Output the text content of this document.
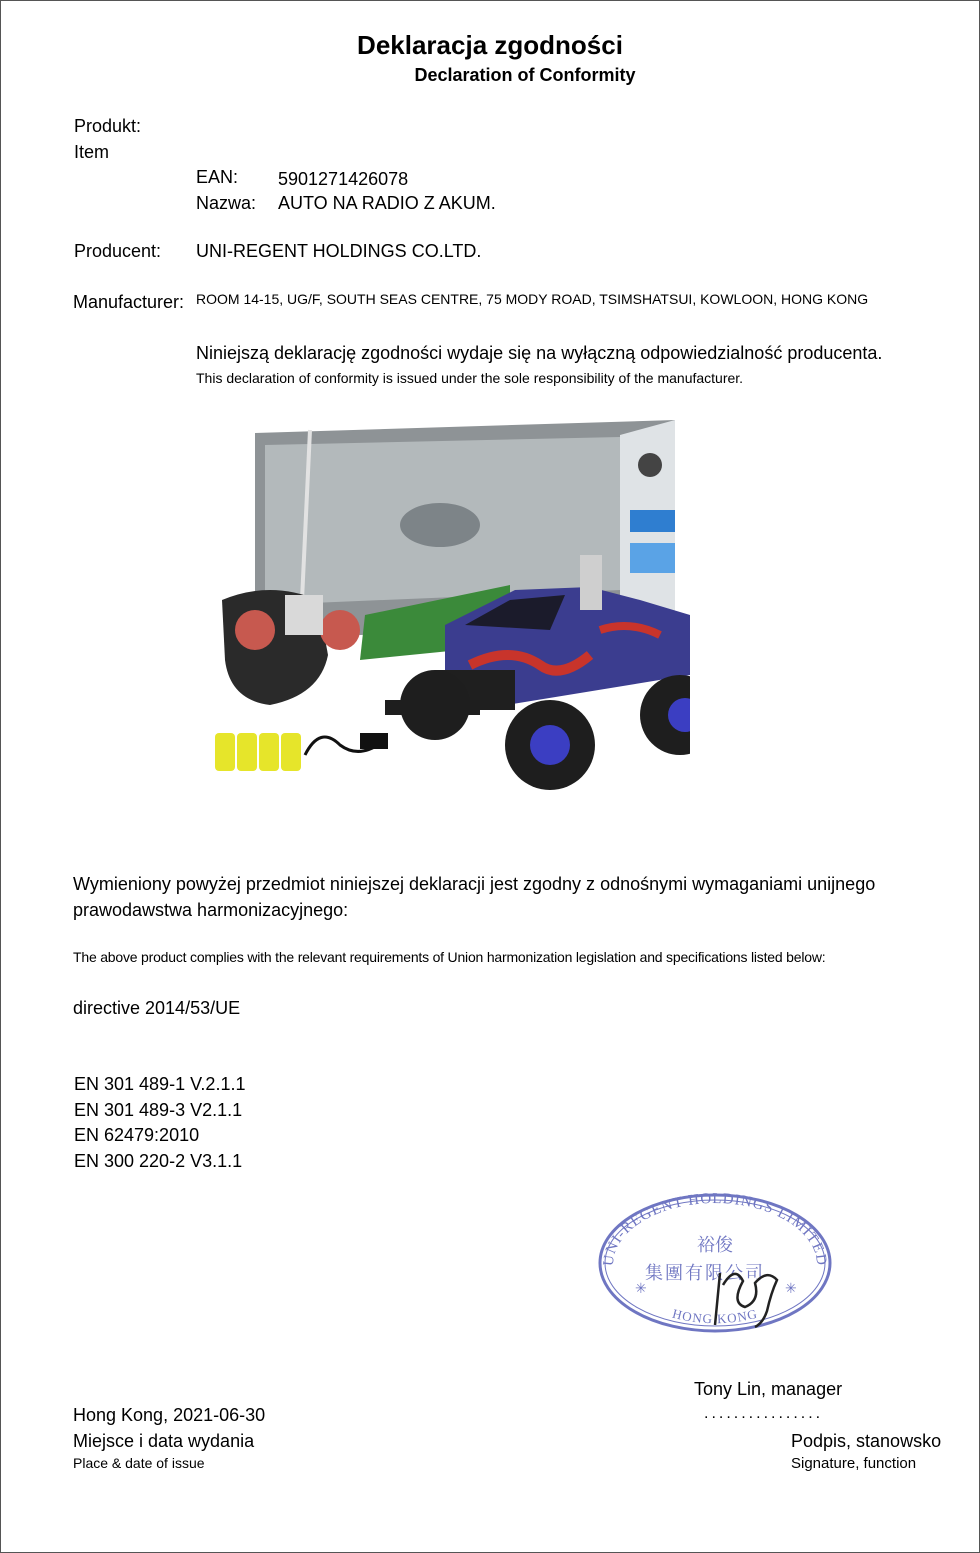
Deklaracja zgodności
Declaration of Conformity
Produkt:
Item
EAN: 5901271426078
Nazwa: AUTO NA RADIO Z AKUM.
Producent: UNI-REGENT HOLDINGS CO.LTD.
Manufacturer: ROOM 14-15, UG/F, SOUTH SEAS CENTRE, 75 MODY ROAD, TSIMSHATSUI, KOWLOON, HONG KONG
Niniejszą deklarację zgodności wydaje się na wyłączną odpowiedzialność producenta.
This declaration of conformity is issued under the sole responsibility of the manufacturer.
Wymieniony powyżej przedmiot niniejszej deklaracji jest zgodny z odnośnymi wymaganiami unijnego
prawodawstwa harmonizacyjnego:
The above product complies with the relevant requirements of Union harmonization legislation and specifications listed below:
directive 2014/53/UE
EN 301 489-1 V.2.1.1
EN 301 489-3 V2.1.1
EN 62479:2010
EN 300 220-2 V3.1.1
UNI-REGENT HOLDINGS LIMITED
HONG KONG
裕俊
集團有限公司
✳	✳
Tony Lin, manager
................
Hong Kong, 2021-06-30
Miejsce i data wydania
Place & date of issue
Podpis, stanowsko
Signature, function
